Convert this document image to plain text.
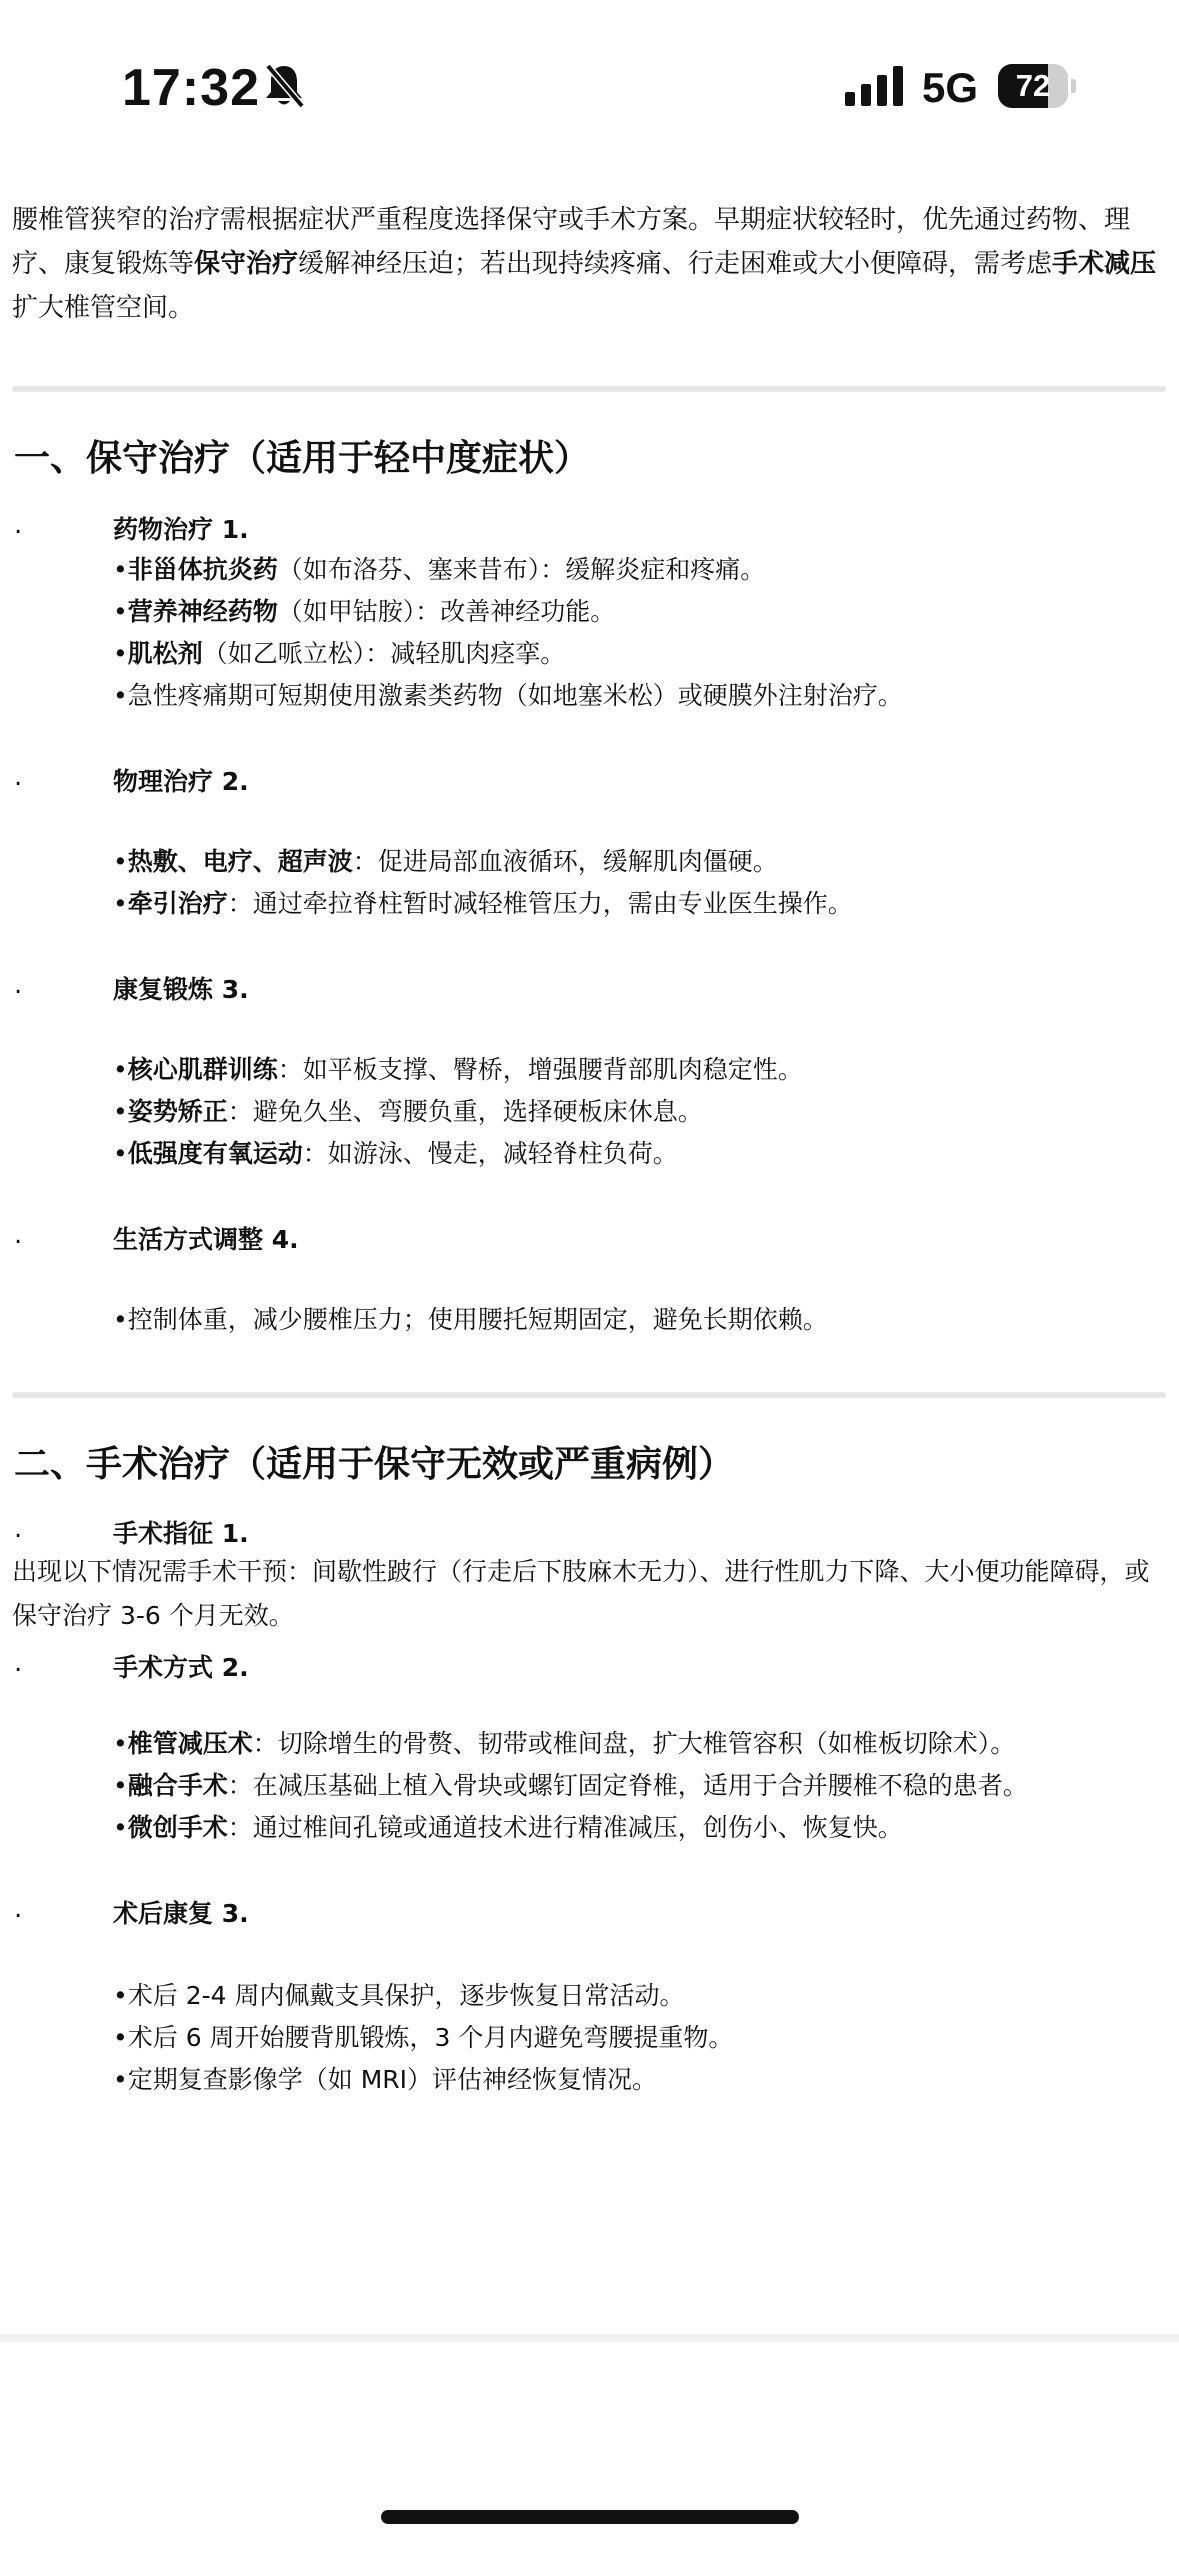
17:32	5G	72
腰椎管狭窄的治疗需根据症状严重程度选择保守或手术方案。早期症状较轻时，优先通过药物、理疗、康复锻炼等保守治疗缓解神经压迫；若出现持续疼痛、行走困难或大小便障碍，需考虑手术减压扩大椎管空间。
一、保守治疗（适用于轻中度症状）
.	药物治疗 1.
•非甾体抗炎药（如布洛芬、塞来昔布）：缓解炎症和疼痛。
•营养神经药物（如甲钴胺）：改善神经功能。
•肌松剂（如乙哌立松）：减轻肌肉痉挛。
•急性疼痛期可短期使用激素类药物（如地塞米松）或硬膜外注射治疗。
.	物理治疗 2.
•热敷、电疗、超声波：促进局部血液循环，缓解肌肉僵硬。
•牵引治疗：通过牵拉脊柱暂时减轻椎管压力，需由专业医生操作。
.	康复锻炼 3.
•核心肌群训练：如平板支撑、臀桥，增强腰背部肌肉稳定性。
•姿势矫正：避免久坐、弯腰负重，选择硬板床休息。
•低强度有氧运动：如游泳、慢走，减轻脊柱负荷。
.	生活方式调整 4.
•控制体重，减少腰椎压力；使用腰托短期固定，避免长期依赖。
二、手术治疗（适用于保守无效或严重病例）
.	手术指征 1.
出现以下情况需手术干预：间歇性跛行（行走后下肢麻木无力）、进行性肌力下降、大小便功能障碍，或保守治疗 3-6 个月无效。
.	手术方式 2.
•椎管减压术：切除增生的骨赘、韧带或椎间盘，扩大椎管容积（如椎板切除术）。
•融合手术：在减压基础上植入骨块或螺钉固定脊椎，适用于合并腰椎不稳的患者。
•微创手术：通过椎间孔镜或通道技术进行精准减压，创伤小、恢复快。
.	术后康复 3.
•术后 2-4 周内佩戴支具保护，逐步恢复日常活动。
•术后 6 周开始腰背肌锻炼，3 个月内避免弯腰提重物。
•定期复查影像学（如 MRI）评估神经恢复情况。
